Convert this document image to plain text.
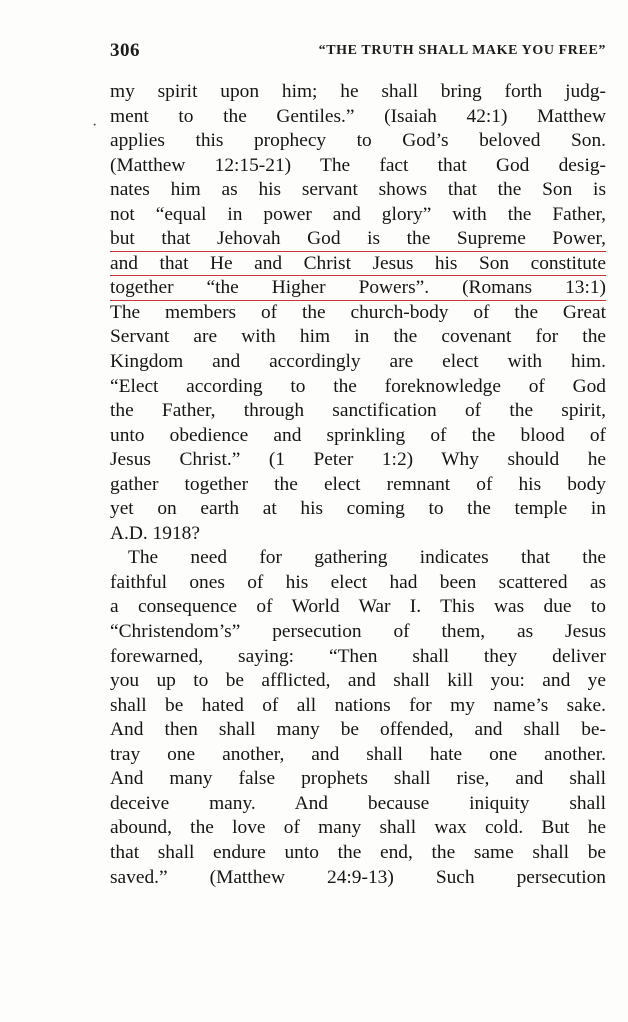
306	“THE TRUTH SHALL MAKE YOU FREE”
·
my spirit upon him; he shall bring forth judg-
ment to the Gentiles.” (Isaiah 42:1) Matthew
applies this prophecy to God’s beloved Son.
(Matthew 12:15-21) The fact that God desig-
nates him as his servant shows that the Son is
not “equal in power and glory” with the Father,
but that Jehovah God is the Supreme Power,
and that He and Christ Jesus his Son constitute
together “the Higher Powers”. (Romans 13:1)
The members of the church-body of the Great
Servant are with him in the covenant for the
Kingdom and accordingly are elect with him.
“Elect according to the foreknowledge of God
the Father, through sanctification of the spirit,
unto obedience and sprinkling of the blood of
Jesus Christ.” (1 Peter 1:2) Why should he
gather together the elect remnant of his body
yet on earth at his coming to the temple in
A.D. 1918?
The need for gathering indicates that the
faithful ones of his elect had been scattered as
a consequence of World War I. This was due to
“Christendom’s” persecution of them, as Jesus
forewarned, saying: “Then shall they deliver
you up to be afflicted, and shall kill you: and ye
shall be hated of all nations for my name’s sake.
And then shall many be offended, and shall be-
tray one another, and shall hate one another.
And many false prophets shall rise, and shall
deceive many. And because iniquity shall
abound, the love of many shall wax cold. But he
that shall endure unto the end, the same shall be
saved.” (Matthew 24:9-13) Such persecution
